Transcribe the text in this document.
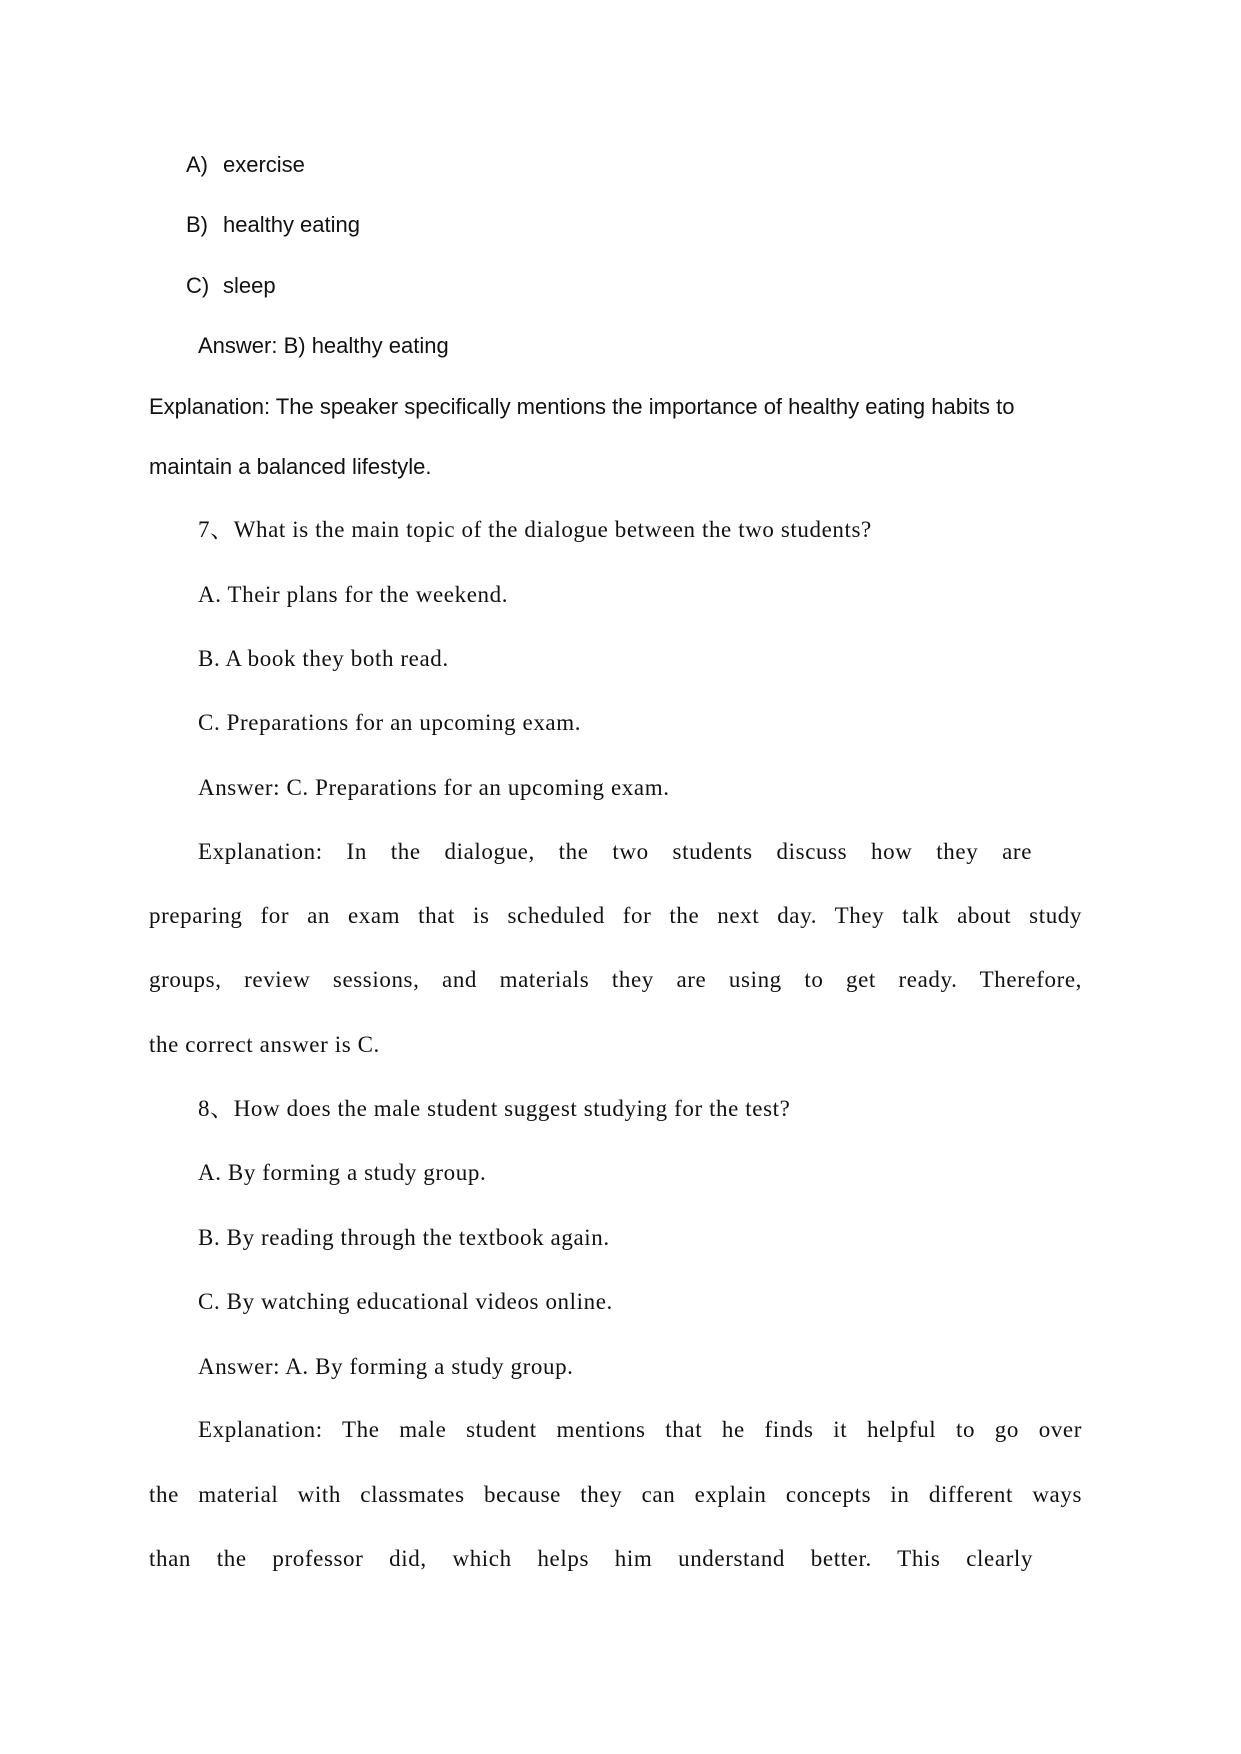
A) exercise
B) healthy eating
C) sleep
Answer: B) healthy eating
Explanation: The speaker specifically mentions the importance of healthy eating habits to
maintain a balanced lifestyle.
7、What is the main topic of the dialogue between the two students?
A. Their plans for the weekend.
B. A book they both read.
C. Preparations for an upcoming exam.
Answer: C. Preparations for an upcoming exam.
Explanation: In the dialogue, the two students discuss how they are
preparing for an exam that is scheduled for the next day. They talk about study
groups, review sessions, and materials they are using to get ready. Therefore,
the correct answer is C.
8、How does the male student suggest studying for the test?
A. By forming a study group.
B. By reading through the textbook again.
C. By watching educational videos online.
Answer: A. By forming a study group.
Explanation: The male student mentions that he finds it helpful to go over
the material with classmates because they can explain concepts in different ways
than the professor did, which helps him understand better. This clearly
